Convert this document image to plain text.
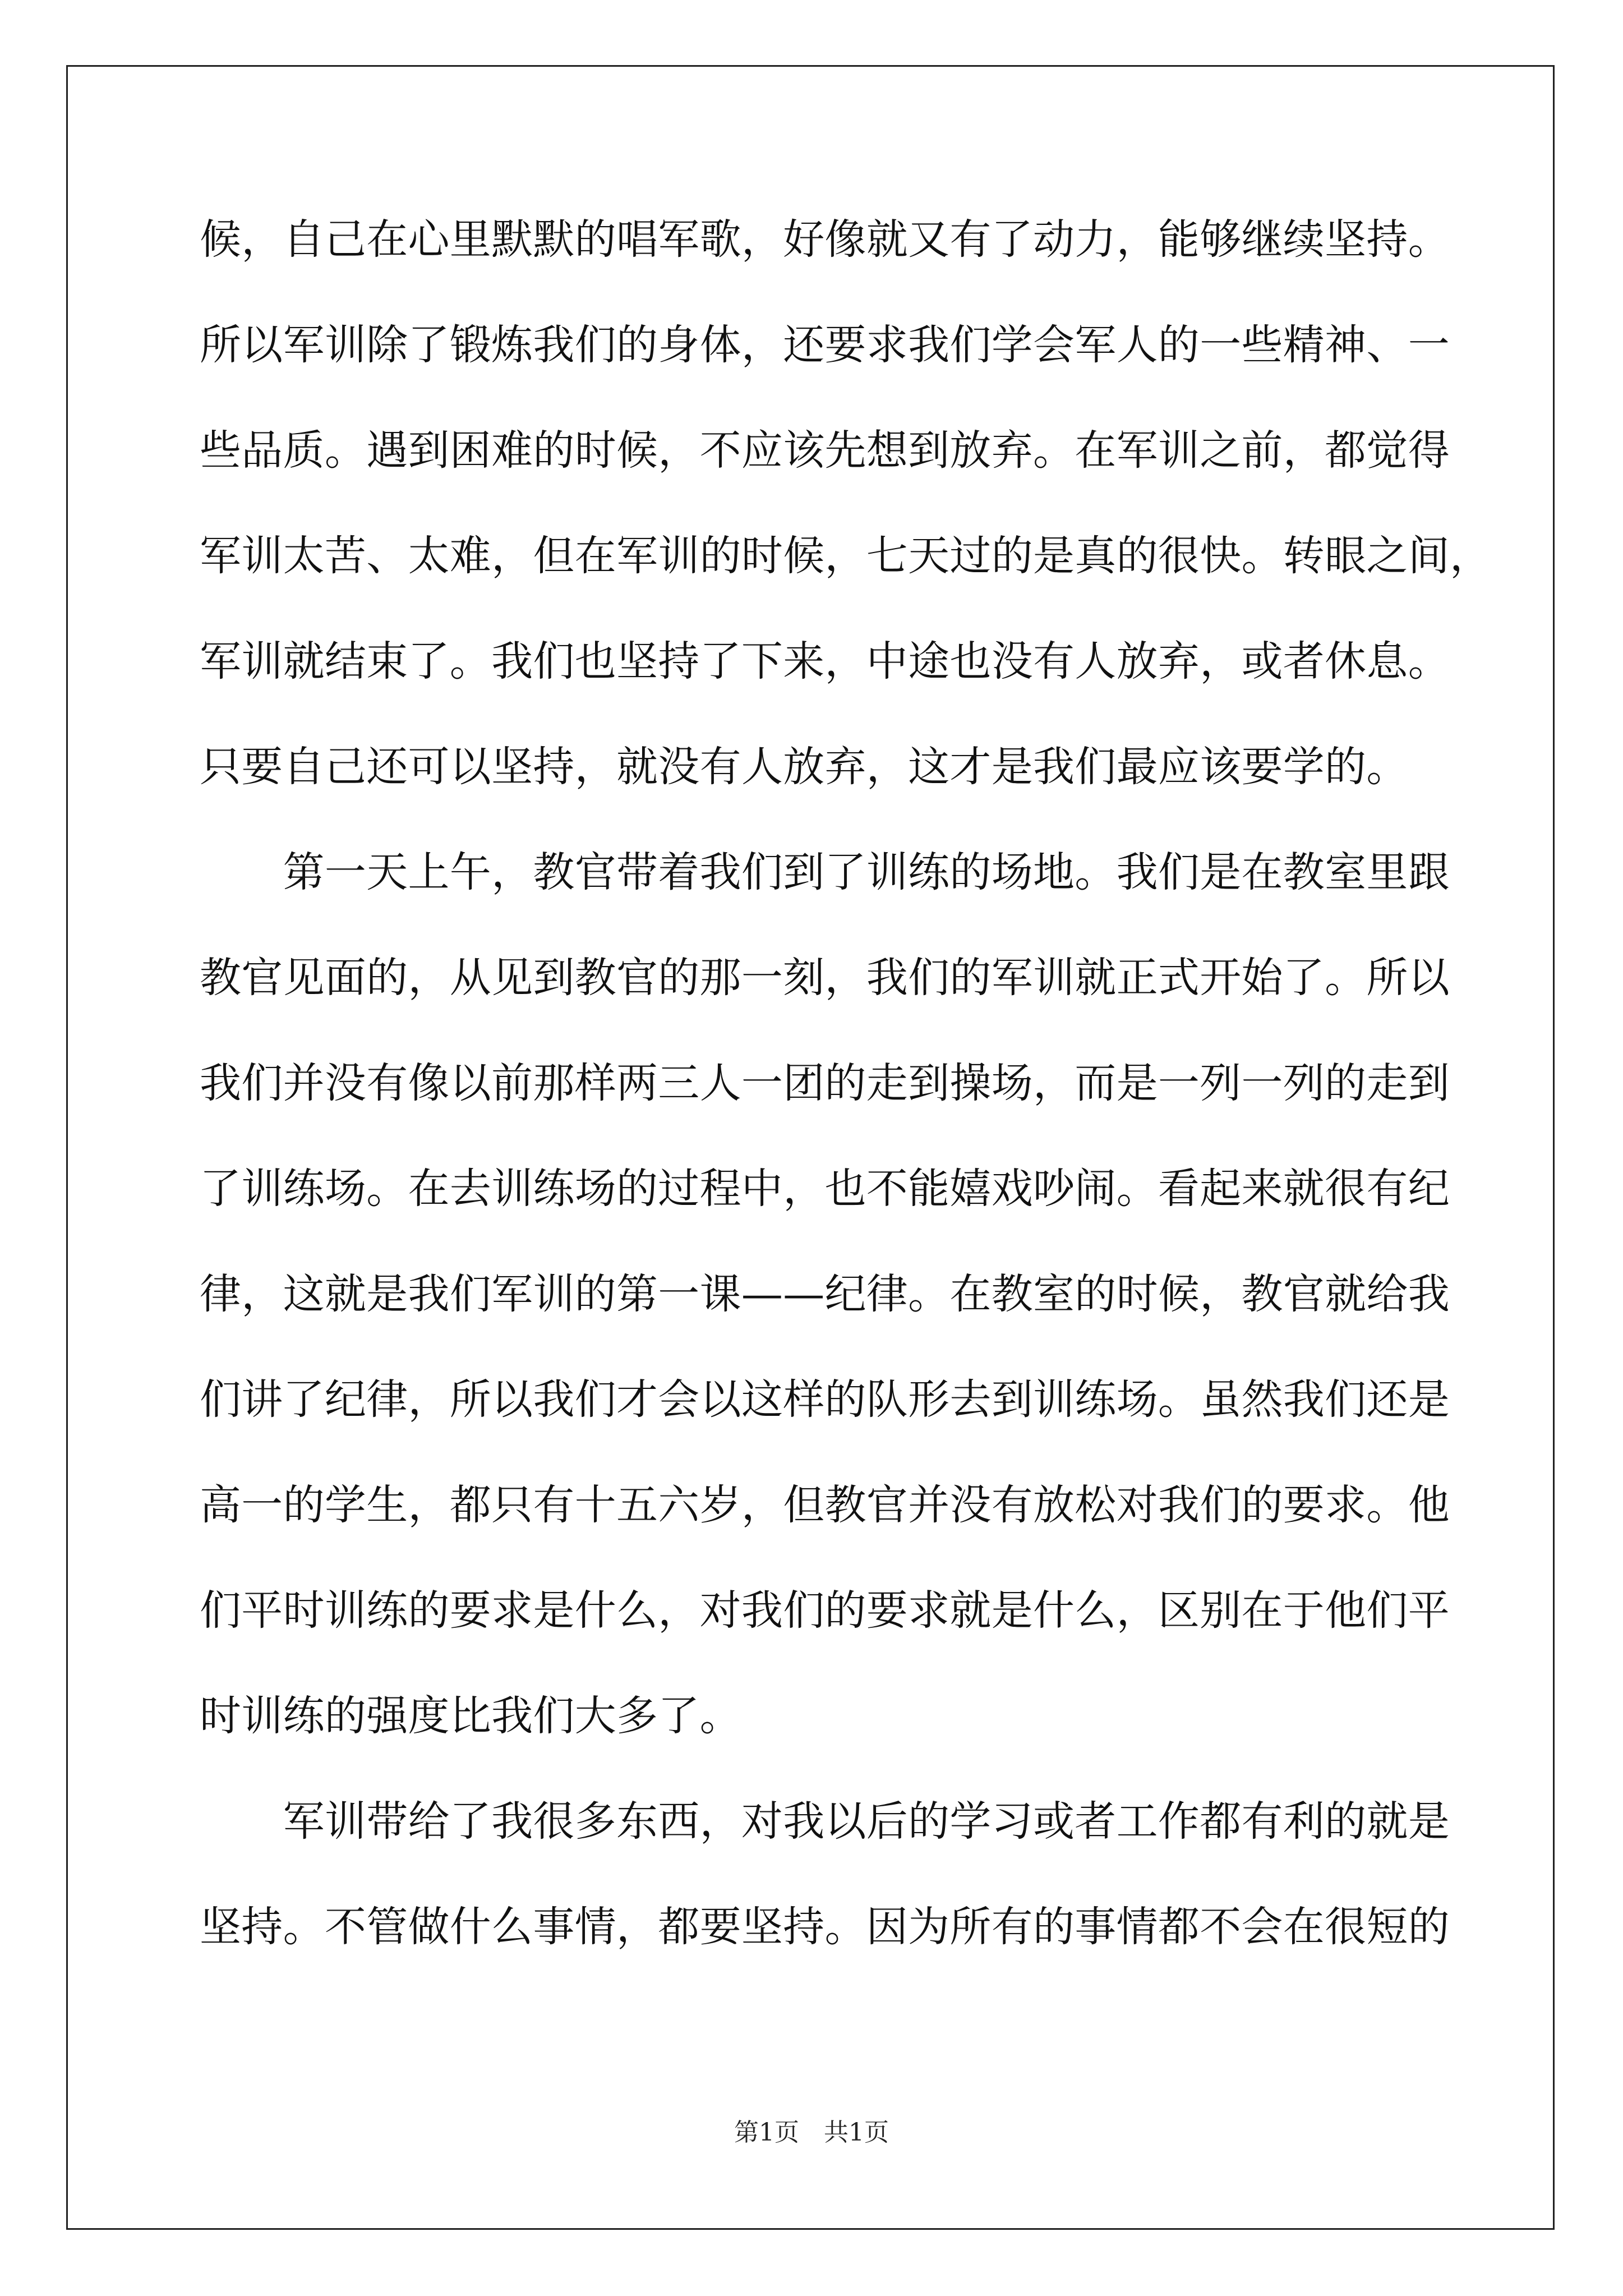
候，自己在心里默默的唱军歌，好像就又有了动力，能够继续坚持。
所以军训除了锻炼我们的身体，还要求我们学会军人的一些精神、一
些品质。遇到困难的时候，不应该先想到放弃。在军训之前，都觉得
军训太苦、太难，但在军训的时候，七天过的是真的很快。转眼之间，
军训就结束了。我们也坚持了下来，中途也没有人放弃，或者休息。
只要自己还可以坚持，就没有人放弃，这才是我们最应该要学的。
　　第一天上午，教官带着我们到了训练的场地。我们是在教室里跟
教官见面的，从见到教官的那一刻，我们的军训就正式开始了。所以
我们并没有像以前那样两三人一团的走到操场，而是一列一列的走到
了训练场。在去训练场的过程中，也不能嬉戏吵闹。看起来就很有纪
律，这就是我们军训的第一课——纪律。在教室的时候，教官就给我
们讲了纪律，所以我们才会以这样的队形去到训练场。虽然我们还是
高一的学生，都只有十五六岁，但教官并没有放松对我们的要求。他
们平时训练的要求是什么，对我们的要求就是什么，区别在于他们平
时训练的强度比我们大多了。
　　军训带给了我很多东西，对我以后的学习或者工作都有利的就是
坚持。不管做什么事情，都要坚持。因为所有的事情都不会在很短的
第1页　共1页
